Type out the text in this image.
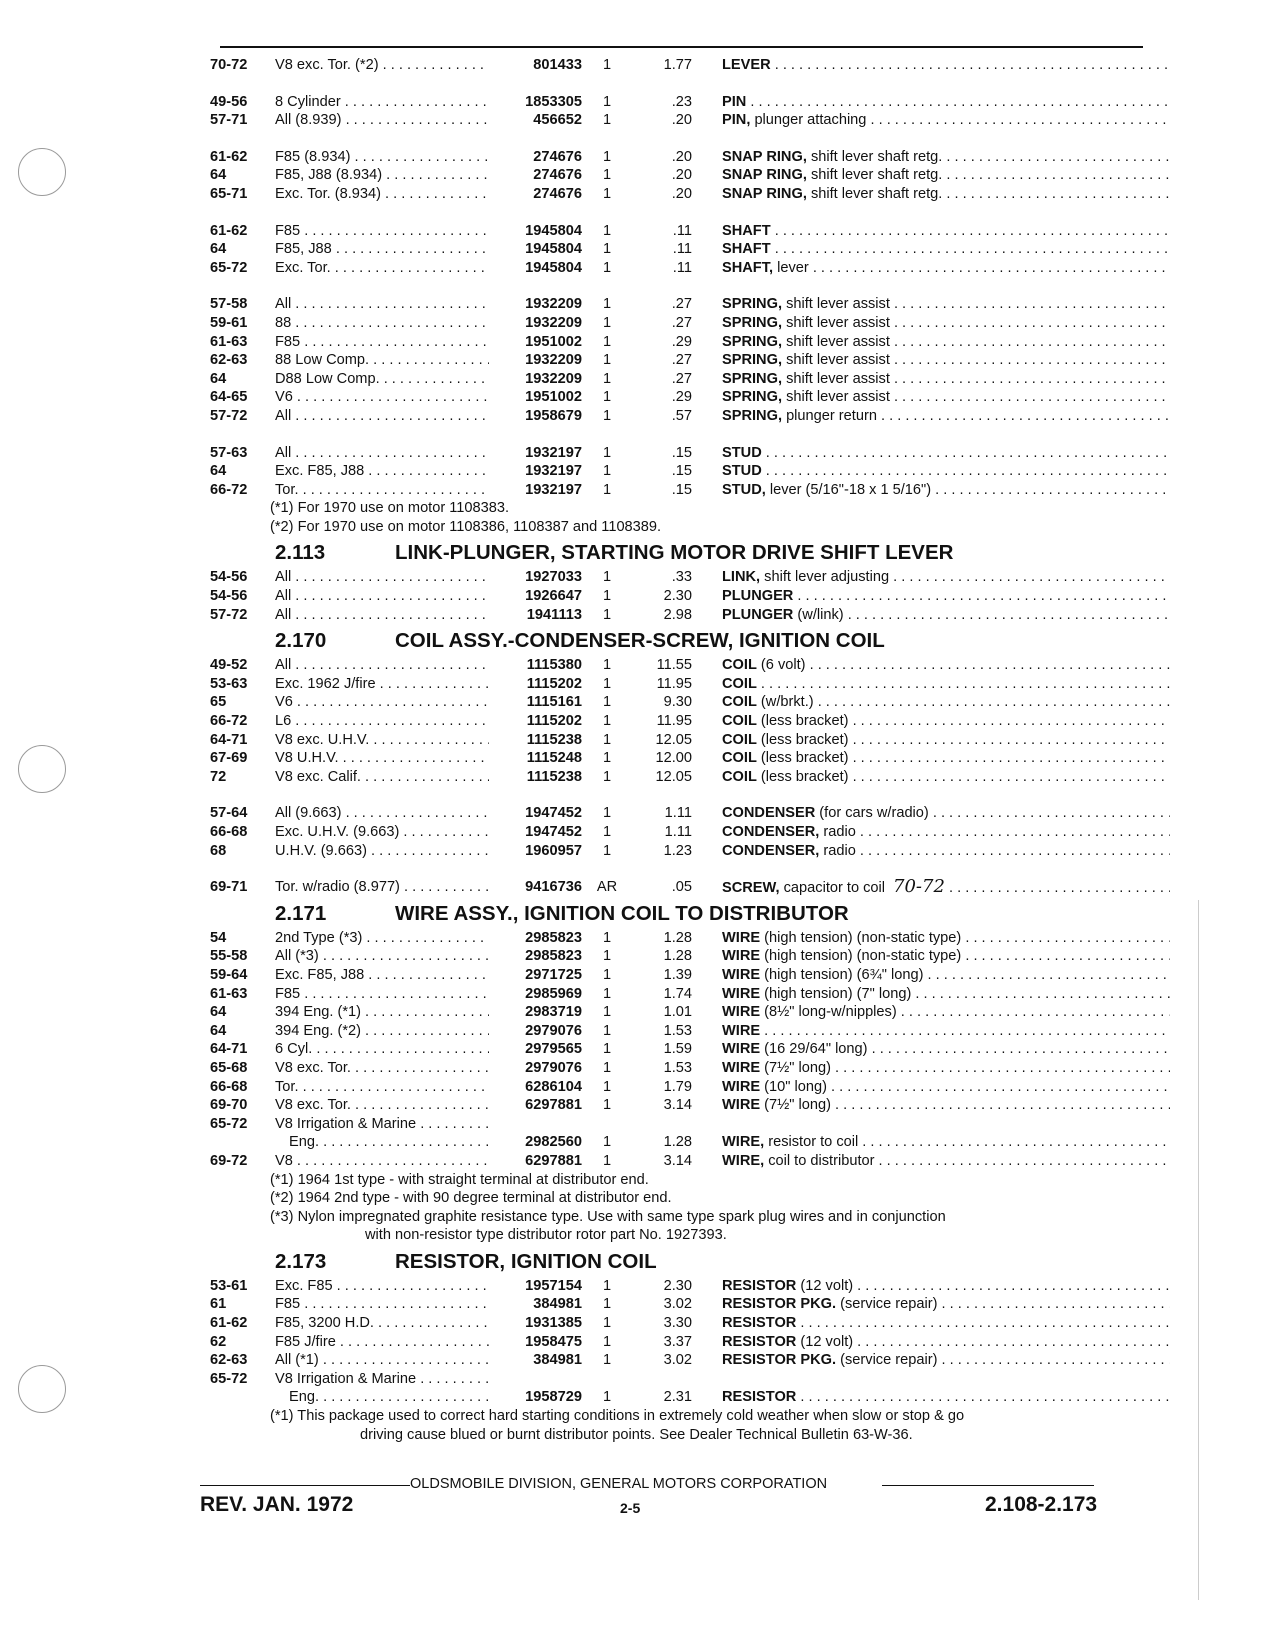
70-72	V8 exc. Tor. (*2) . . .	801433	1	1.77 LEVER . . .
49-56	8 Cylinder . . .	1853305	1	.23 PIN . . .
57-71	All (8.939) . . .	456652	1	.20 PIN, plunger attaching . . .
61-62	F85 (8.934) . . .	274676	1	.20 SNAP RING, shift lever shaft retg. . . .
64	F85, J88 (8.934) . . .	274676	1	.20 SNAP RING, shift lever shaft retg. . . .
65-71	Exc. Tor. (8.934) . . .	274676	1	.20 SNAP RING, shift lever shaft retg. . . .
61-62	F85 . . .	1945804	1	.11 SHAFT . . .
64	F85, J88 . . .	1945804	1	.11 SHAFT . . .
65-72	Exc. Tor. . . .	1945804	1	.11 SHAFT, lever . . .
57-58	All . . .	1932209	1	.27 SPRING, shift lever assist . . .
59-61	88 . . .	1932209	1	.27 SPRING, shift lever assist . . .
61-63	F85 . . .	1951002	1	.29 SPRING, shift lever assist . . .
62-63	88 Low Comp. . . .	1932209	1	.27 SPRING, shift lever assist . . .
64	D88 Low Comp. . . .	1932209	1	.27 SPRING, shift lever assist . . .
64-65	V6 . . .	1951002	1	.29 SPRING, shift lever assist . . .
57-72	All . . .	1958679	1	.57 SPRING, plunger return . . .
57-63	All . . .	1932197	1	.15 STUD . . .
64	Exc. F85, J88 . . .	1932197	1	.15 STUD . . .
66-72	Tor. . . .	1932197	1	.15 STUD, lever (5/16"-18 x 1 5/16") . . .
(*1) For 1970 use on motor 1108383.
(*2) For 1970 use on motor 1108386, 1108387 and 1108389.
2.113	LINK-PLUNGER, STARTING MOTOR DRIVE SHIFT LEVER
54-56	All . . .	1927033	1	.33 LINK, shift lever adjusting . . .
54-56	All . . .	1926647	1	2.30 PLUNGER . . .
57-72	All . . .	1941113	1	2.98 PLUNGER (w/link) . . .
2.170	COIL ASSY.-CONDENSER-SCREW, IGNITION COIL
49-52	All . . .	1115380	1	11.55 COIL (6 volt) . . .
53-63	Exc. 1962 J/fire . . .	1115202	1	11.95 COIL . . .
65	V6 . . .	1115161	1	9.30 COIL (w/brkt.) . . .
66-72	L6 . . .	1115202	1	11.95 COIL (less bracket) . . .
64-71	V8 exc. U.H.V. . . .	1115238	1	12.05 COIL (less bracket) . . .
67-69	V8 U.H.V. . . .	1115248	1	12.00 COIL (less bracket) . . .
72	V8 exc. Calif. . . .	1115238	1	12.05 COIL (less bracket) . . .
57-64	All (9.663) . . .	1947452	1	1.11 CONDENSER (for cars w/radio) . . .
66-68	Exc. U.H.V. (9.663) . . .	1947452	1	1.11 CONDENSER, radio . . .
68	U.H.V. (9.663) . . .	1960957	1	1.23 CONDENSER, radio . . .
69-71	Tor. w/radio (8.977) . . .	9416736	AR	.05 SCREW, capacitor to coil 70-72 . . .
2.171	WIRE ASSY., IGNITION COIL TO DISTRIBUTOR
54	2nd Type (*3) . . .	2985823	1	1.28 WIRE (high tension) (non-static type) . . .
55-58	All (*3) . . .	2985823	1	1.28 WIRE (high tension) (non-static type) . . .
59-64	Exc. F85, J88 . . .	2971725	1	1.39 WIRE (high tension) (6¾" long) . . .
61-63	F85 . . .	2985969	1	1.74 WIRE (high tension) (7" long) . . .
64	394 Eng. (*1) . . .	2983719	1	1.01 WIRE (8½" long-w/nipples) . . .
64	394 Eng. (*2) . . .	2979076	1	1.53 WIRE . . .
64-71	6 Cyl. . . .	2979565	1	1.59 WIRE (16 29/64" long) . . .
65-68	V8 exc. Tor. . . .	2979076	1	1.53 WIRE (7½" long) . . .
66-68	Tor. . . .	6286104	1	1.79 WIRE (10" long) . . .
69-70	V8 exc. Tor. . . .	6297881	1	3.14 WIRE (7½" long) . . .
65-72	V8 Irrigation & Marine . . .
Eng. . . .	2982560	1	1.28 WIRE, resistor to coil . . .
69-72	V8 . . .	6297881	1	3.14 WIRE, coil to distributor . . .
(*1) 1964 1st type - with straight terminal at distributor end.
(*2) 1964 2nd type - with 90 degree terminal at distributor end.
(*3) Nylon impregnated graphite resistance type. Use with same type spark plug wires and in conjunction
with non-resistor type distributor rotor part No. 1927393.
2.173	RESISTOR, IGNITION COIL
53-61	Exc. F85 . . .	1957154	1	2.30 RESISTOR (12 volt) . . .
61	F85 . . .	384981	1	3.02 RESISTOR PKG. (service repair) . . .
61-62	F85, 3200 H.D. . . .	1931385	1	3.30 RESISTOR . . .
62	F85 J/fire . . .	1958475	1	3.37 RESISTOR (12 volt) . . .
62-63	All (*1) . . .	384981	1	3.02 RESISTOR PKG. (service repair) . . .
65-72	V8 Irrigation & Marine . . .
Eng. . . .	1958729	1	2.31 RESISTOR . . .
(*1) This package used to correct hard starting conditions in extremely cold weather when slow or stop & go
driving cause blued or burnt distributor points. See Dealer Technical Bulletin 63-W-36.
OLDSMOBILE DIVISION, GENERAL MOTORS CORPORATION
REV. JAN. 1972	2-5	2.108-2.173
